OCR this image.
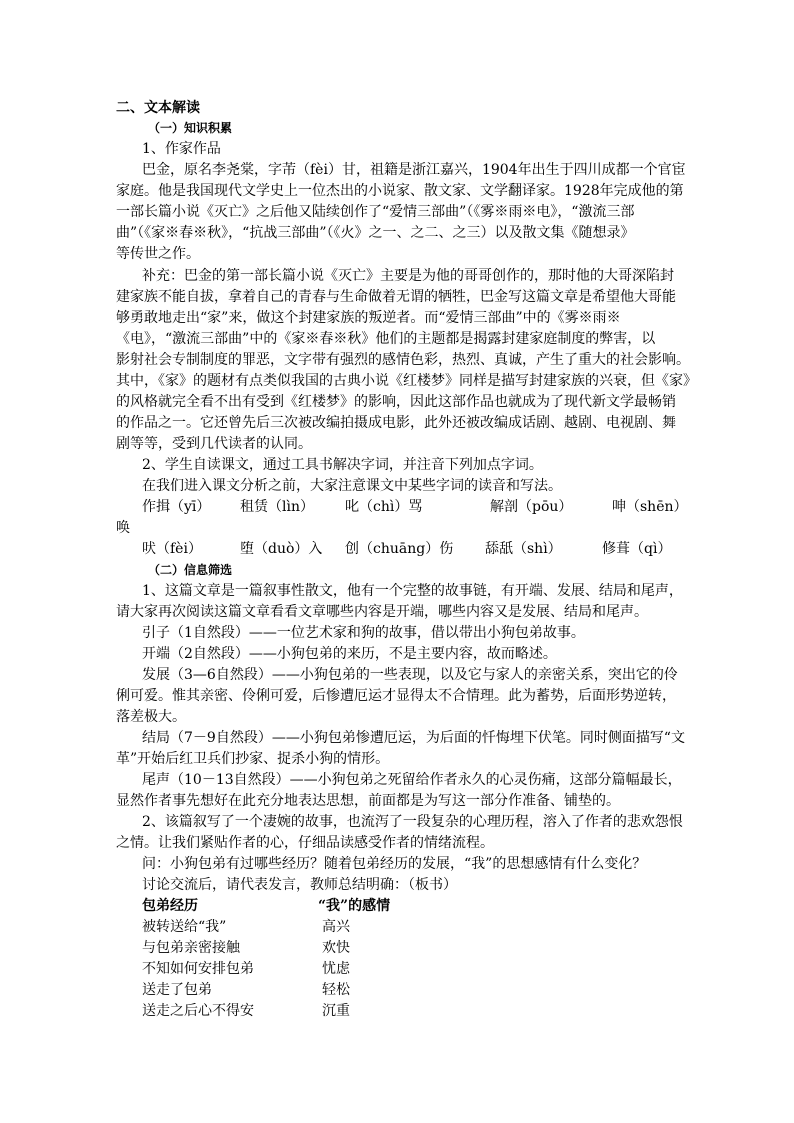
二、文本解读
（一）知识积累
1、作家作品
巴金，原名李尧棠，字芾（fèi）甘，祖籍是浙江嘉兴，1904年出生于四川成都一个官宦
家庭。他是我国现代文学史上一位杰出的小说家、散文家、文学翻译家。1928年完成他的第
一部长篇小说《灭亡》之后他又陆续创作了“爱情三部曲”（《雾※雨※电》，“激流三部
曲”（《家※春※秋》，“抗战三部曲”（《火》之一、之二、之三）以及散文集《随想录》
等传世之作。
补充：巴金的第一部长篇小说《灭亡》主要是为他的哥哥创作的，那时他的大哥深陷封
建家族不能自拔，拿着自己的青春与生命做着无谓的牺牲，巴金写这篇文章是希望他大哥能
够勇敢地走出“家”来，做这个封建家族的叛逆者。而“爱情三部曲”中的《雾※雨※
《电》，“激流三部曲”中的《家※春※秋》他们的主题都是揭露封建家庭制度的弊害，以
影射社会专制制度的罪恶，文字带有强烈的感情色彩，热烈、真诚，产生了重大的社会影响。
其中，《家》的题材有点类似我国的古典小说《红楼梦》同样是描写封建家族的兴衰，但《家》
的风格就完全看不出有受到《红楼梦》的影响，因此这部作品也就成为了现代新文学最畅销
的作品之一。它还曾先后三次被改编拍摄成电影，此外还被改编成话剧、越剧、电视剧、舞
剧等等，受到几代读者的认同。
2、学生自读课文，通过工具书解决字词，并注音下列加点字词。
在我们进入课文分析之前，大家注意课文中某些字词的读音和写法。
作揖（yī） 租赁（lìn） 叱（chì）骂	解剖（pōu）	呻（shēn）
唤
吠（fèi）	堕（duò）入 创（chuāng）伤 舔舐（shì）	修葺（qì）
（二）信息筛选
1、这篇文章是一篇叙事性散文，他有一个完整的故事链，有开端、发展、结局和尾声，
请大家再次阅读这篇文章看看文章哪些内容是开端，哪些内容又是发展、结局和尾声。
引子（1自然段）——一位艺术家和狗的故事，借以带出小狗包弟故事。
开端（2自然段）——小狗包弟的来历，不是主要内容，故而略述。
发展（3—6自然段）——小狗包弟的一些表现，以及它与家人的亲密关系，突出它的伶
俐可爱。惟其亲密、伶俐可爱，后惨遭厄运才显得太不合情理。此为蓄势，后面形势逆转，
落差极大。
结局（7－9自然段）——小狗包弟惨遭厄运，为后面的忏悔埋下伏笔。同时侧面描写“文
革”开始后红卫兵们抄家、捉杀小狗的情形。
尾声（10－13自然段）——小狗包弟之死留给作者永久的心灵伤痛，这部分篇幅最长，
显然作者事先想好在此充分地表达思想，前面都是为写这一部分作准备、铺垫的。
2、该篇叙写了一个凄婉的故事，也流泻了一段复杂的心理历程，溶入了作者的悲欢怨恨
之情。让我们紧贴作者的心，仔细品读感受作者的情绪流程。
问：小狗包弟有过哪些经历？随着包弟经历的发展，“我”的思想感情有什么变化？
讨论交流后，请代表发言，教师总结明确：（板书）
包弟经历	“我”的感情
被转送给“我”	高兴
与包弟亲密接触	欢快
不知如何安排包弟	忧虑
送走了包弟	轻松
送走之后心不得安	沉重
